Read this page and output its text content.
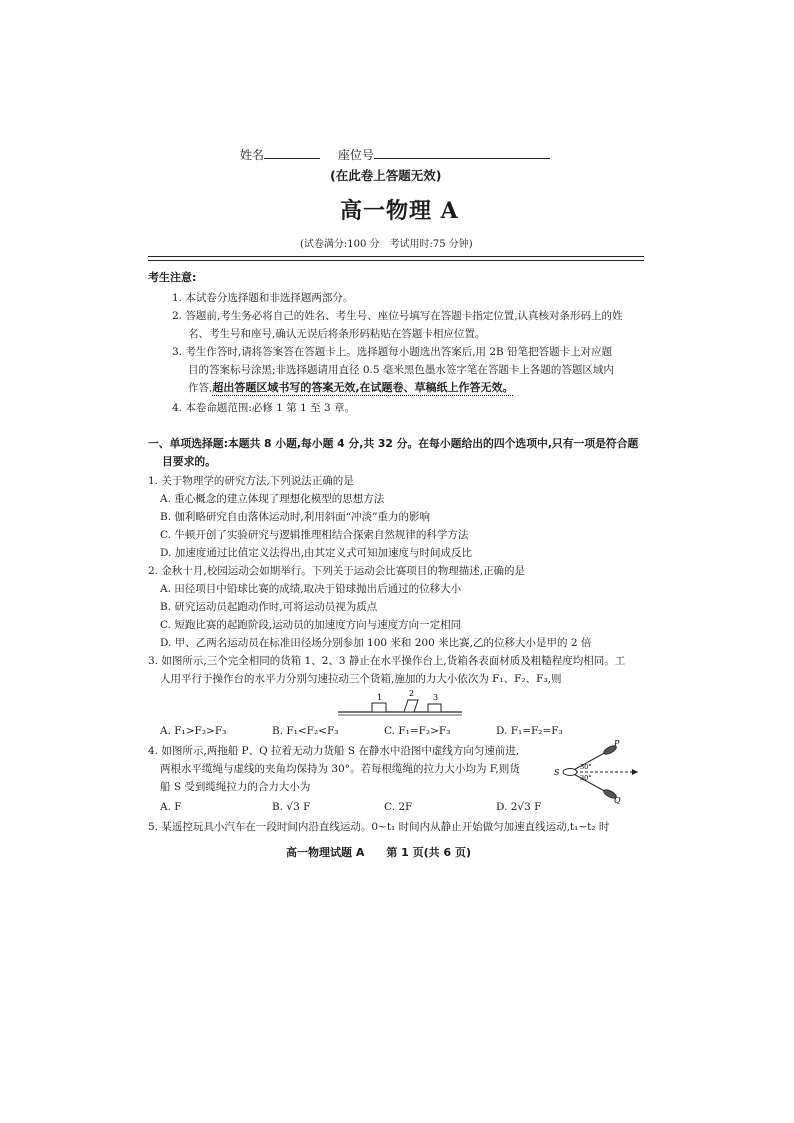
姓名	座位号
(在此卷上答题无效)
高一物理 A
(试卷满分:100 分　考试用时:75 分钟)
考生注意:
1. 本试卷分选择题和非选择题两部分。
2. 答题前,考生务必将自己的姓名、考生号、座位号填写在答题卡指定位置,认真核对条形码上的姓
名、考生号和座号,确认无误后将条形码粘贴在答题卡相应位置。
3. 考生作答时,请将答案答在答题卡上。选择题每小题选出答案后,用 2B 铅笔把答题卡上对应题
目的答案标号涂黑;非选择题请用直径 0.5 毫米黑色墨水签字笔在答题卡上各题的答题区域内
作答,超出答题区域书写的答案无效,在试题卷、草稿纸上作答无效。
4. 本卷命题范围:必修 1 第 1 至 3 章。
一、单项选择题:本题共 8 小题,每小题 4 分,共 32 分。在每小题给出的四个选项中,只有一项是符合题
目要求的。
1. 关于物理学的研究方法,下列说法正确的是
A. 重心概念的建立体现了理想化模型的思想方法
B. 伽利略研究自由落体运动时,利用斜面“冲淡”重力的影响
C. 牛顿开创了实验研究与逻辑推理相结合探索自然规律的科学方法
D. 加速度通过比值定义法得出,由其定义式可知加速度与时间成反比
2. 金秋十月,校园运动会如期举行。下列关于运动会比赛项目的物理描述,正确的是
A. 田径项目中铅球比赛的成绩,取决于铅球抛出后通过的位移大小
B. 研究运动员起跑动作时,可将运动员视为质点
C. 短跑比赛的起跑阶段,运动员的加速度方向与速度方向一定相同
D. 甲、乙两名运动员在标准田径场分别参加 100 米和 200 米比赛,乙的位移大小是甲的 2 倍
3. 如图所示,三个完全相同的货箱 1、2、3 静止在水平操作台上,货箱各表面材质及粗糙程度均相同。工
人用平行于操作台的水平力分别匀速拉动三个货箱,施加的力大小依次为 F₁、F₂、F₃,则
1	2 3
A. F₁>F₂>F₃	B. F₁<F₂<F₃	C. F₁=F₂>F₃	D. F₁=F₂=F₃
4. 如图所示,两拖船 P、Q 拉着无动力货船 S 在静水中沿图中虚线方向匀速前进,
两根水平缆绳与虚线的夹角均保持为 30°。若每根缆绳的拉力大小均为 F,则货
船 S 受到缆绳拉力的合力大小为
P
Q
S
30°
30°
A. F	B. √3 F	C. 2F	D. 2√3 F
5. 某遥控玩具小汽车在一段时间内沿直线运动。0~t₁ 时间内从静止开始做匀加速直线运动,t₁~t₂ 时
高一物理试题 A　　第 1 页(共 6 页)
